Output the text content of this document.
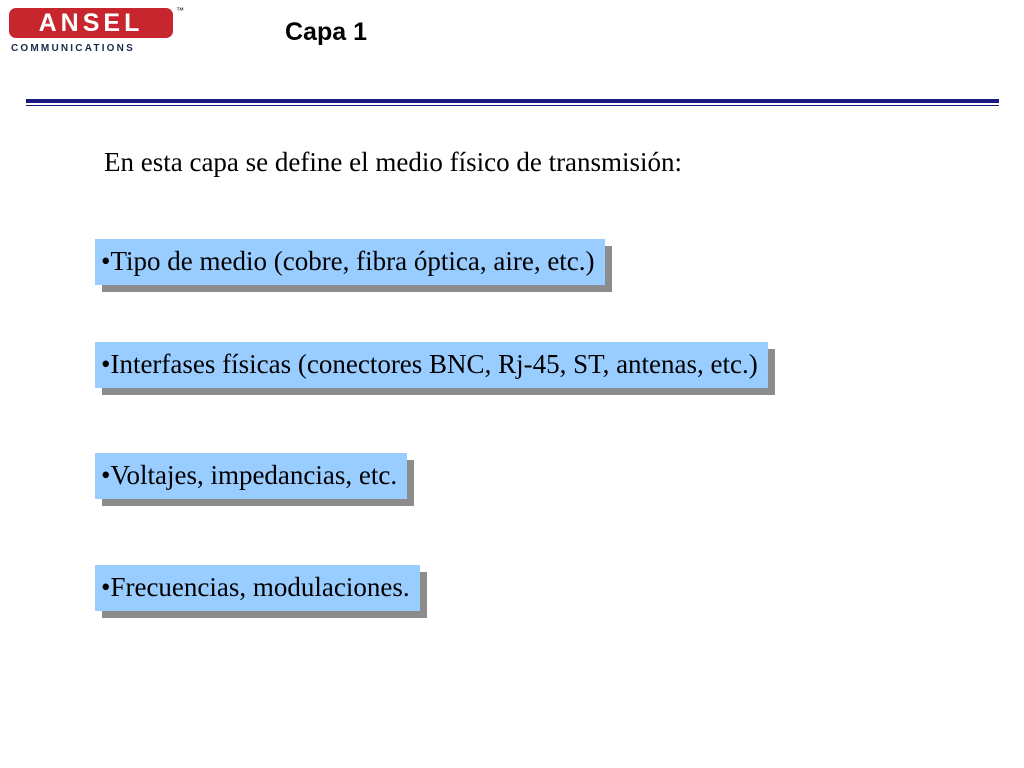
ANSEL	™
COMMUNICATIONS
Capa 1
En esta capa se define el medio físico de transmisión:
•Tipo de medio (cobre, fibra óptica, aire, etc.)
•Interfases físicas (conectores BNC, Rj-45, ST, antenas, etc.)
•Voltajes, impedancias, etc.
•Frecuencias, modulaciones.
